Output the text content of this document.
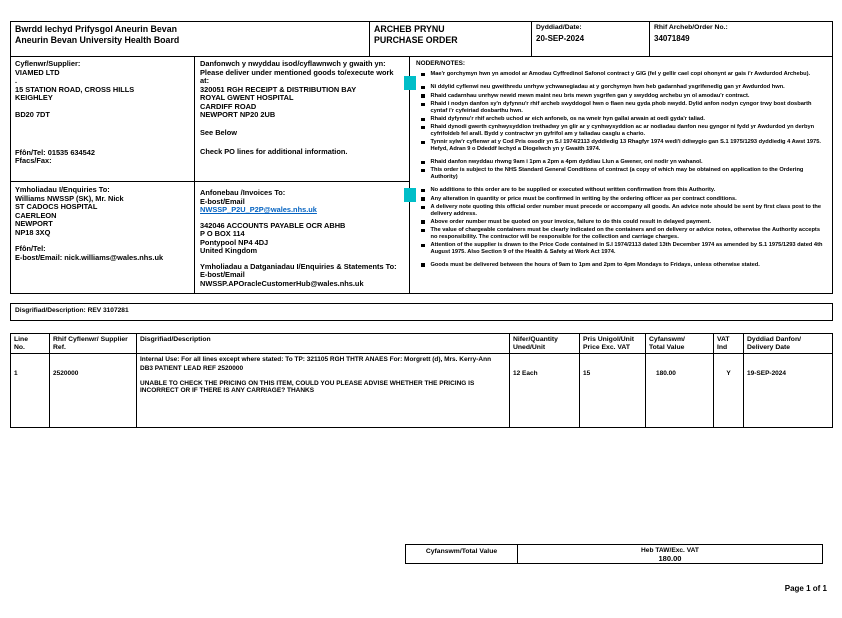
Bwrdd Iechyd Prifysgol Aneurin Bevan
Aneurin Bevan University Health Board
ARCHEB PRYNU
PURCHASE ORDER
Dyddiad/Date:
20-SEP-2024
Rhif Archeb/Order No.:
34071849
Cyflenwr/Supplier:
VIAMED LTD
.
15 STATION ROAD, CROSS HILLS
KEIGHLEY
BD20 7DT
Ffôn/Tel: 01535 634542
Ffacs/Fax:
Danfonwch y nwyddau isod/cyflawnwch y gwaith yn: Please deliver under mentioned goods to/execute work at:
320051 RGH RECEIPT & DISTRIBUTION BAY
ROYAL GWENT HOSPITAL
CARDIFF ROAD
NEWPORT NP20 2UB
See Below
Check PO lines for additional information.
Ymholiadau I/Enquiries To:
Williams NWSSP (SK), Mr. Nick
ST CADOCS HOSPITAL
CAERLEON
NEWPORT
NP18 3XQ
Ffôn/Tel:
E-bost/Email: nick.williams@wales.nhs.uk
Anfonebau /Invoices To:
E-bost/Email
NWSSP_P2U_P2P@wales.nhs.uk
342046 ACCOUNTS PAYABLE OCR ABHB
P O BOX 114
Pontypool NP4 4DJ
United Kingdom
Ymholiadau a Datganiadau I/Enquiries & Statements To:
E-bost/Email
NWSSP.APOracleCustomerHub@wales.nhs.uk
NODER/NOTES:
Mae'r gorchymyn hwn yn amodol ar Amodau Cyffredinol Safonol contract y GIG (fel y gellir cael copi ohonynt ar gais i'r Awdurdod Archebu).
Ni ddylid cyflenwi neu gweithredu unrhyw ychwanegiadau at y gorchymyn hwn heb gadarnhad ysgrifenedig gan yr Awdurdod hwn.
Rhaid cadarnhau unrhyw newid mewn maint neu bris mewn ysgrifen gan y swyddog archebu yn ol amodau'r contract.
Rhaid i nodyn danfon sy'n dyfynnu'r rhif archeb swyddogol hwn o flaen neu gyda phob nwydd. Dylid anfon nodyn cyngor trwy bost dosbarth cyntaf i'r cyfeiriad dosbarthu hwn.
Rhaid dyfynnu'r rhif archeb uchod ar eich anfoneb, os na wneir hyn gallai arwain at oedi gyda'r taliad.
Rhaid dynodi gwerth cynhwysyddion trethadwy yn glir ar y cynhwysyddion ac ar nodiadau danfon neu gyngor ni fydd yr Awdurdod yn derbyn cyfrifoldeb fel arall. Bydd y contractwr yn gyfrifol am y taliadau casglu a chario.
Tynnir sylw'r cyflenwr at y Cod Pris osodir yn S.I 1974/2113 dyddiedig 13 Rhagfyr 1974 wedi'i ddiwygio gan S.1 1975/1293 dyddiedig 4 Awst 1975. Hefyd, Adran 9 o Ddeddf Iechyd a Diogelwch yn y Gwaith 1974.
Rhaid danfon nwyddau rhwng 9am i 1pm a 2pm a 4pm dyddiau Llun a Gwener, oni nodir yn wahanol.
This order is subject to the NHS Standard General Conditions of contract (a copy of which may be obtained on application to the Ordering Authority)
No additions to this order are to be supplied or executed without written confirmation from this Authority.
Any alteration in quantity or price must be confirmed in writing by the ordering officer as per contract conditions.
A delivery note quoting this official order number must precede or accompany all goods. An advice note should be sent by first class post to the delivery address.
Above order number must be quoted on your invoice, failure to do this could result in delayed payment.
The value of chargeable containers must be clearly indicated on the containers and on delivery or advice notes, otherwise the Authority accepts no responsibility. The contractor will be responsible for the collection and carriage charges.
Attention of the supplier is drawn to the Price Code contained in S.I 1974/2113 dated 13th December 1974 as amended by S.1 1975/1293 dated 4th August 1975. Also Section 9 of the Health & Safety at Work Act 1974.
Goods must be delivered between the hours of 9am to 1pm and 2pm to 4pm Mondays to Fridays, unless otherwise stated.
Disgrifiad/Description: REV 3107281
Line
No.
1
Rhif Cyflenwr/ Supplier
Ref.
2520000
Disgrifiad/Description
Internal Use: For all lines except where stated: To TP: 321105 RGH THTR ANAES For: Morgrett (d), Mrs. Kerry-Ann
DB3 PATIENT LEAD REF 2520000
UNABLE TO CHECK THE PRICING ON THIS ITEM, COULD YOU PLEASE ADVISE WHETHER THE PRICING IS INCORRECT OR IF THERE IS ANY CARRIAGE? THANKS
Nifer/Quantity
Uned/Unit
12 Each
Pris Unigol/Unit
Price Exc. VAT
15
Cyfanswm/
Total Value
180.00
VAT
Ind
Y
Dyddiad Danfon/
Delivery Date
19-SEP-2024
Cyfanswm/Total Value	Heb TAW/Exc. VAT
180.00
Page 1 of 1
